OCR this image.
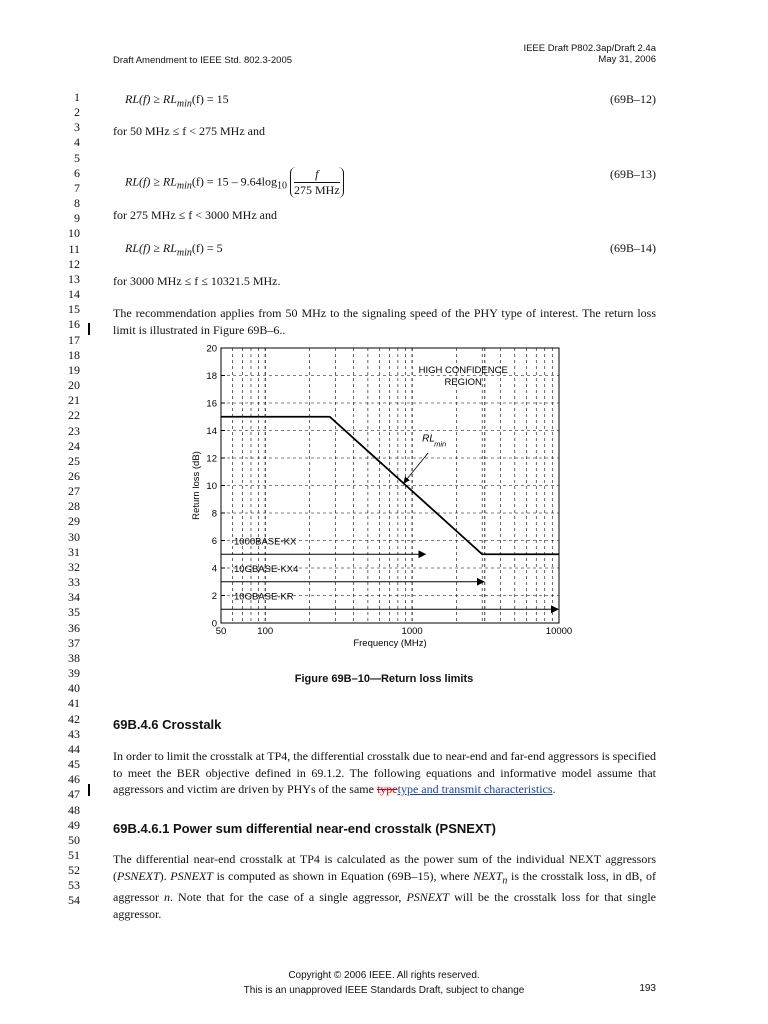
Draft Amendment to IEEE Std. 802.3-2005
IEEE Draft P802.3ap/Draft 2.4a
May 31, 2006
1
2
3
4
5
6
7
8
9
10
11
12
13
14
15
16
17
18
19
20
21
22
23
24
25
26
27
28
29
30
31
32
33
34
35
36
37
38
39
40
41
42
43
44
45
46
47
48
49
50
51
52
53
54
$RL(f) \ge RL_{min}(f) = 15$	(69B–12)
for 50 MHz ≤ f < 275 MHz and
$RL(f) \ge RL_{min}(f) = 15 - 9.64\log_{10}$
f
275 MHz
(69B–13)
for 275 MHz ≤ f < 3000 MHz and
$RL(f) \ge RL_{min}(f) = 5$	(69B–14)
for 3000 MHz ≤ f ≤ 10321.5 MHz.
The recommendation applies from 50 MHz to the signaling speed of the PHY type of interest. The return loss limit is illustrated in Figure 69B–6..
0
2
4
6
8
10
12
14
16
18
20
50	100	1000	10000
Frequency (MHz)
Return loss (dB)
HIGH CONFIDENCE
REGION
RL min
1000BASE-KX
10GBASE-KX4
10GBASE-KR
Figure 69B–10—Return loss limits
69B.4.6 Crosstalk
In order to limit the crosstalk at TP4, the differential crosstalk due to near-end and far-end aggressors is specified to meet the BER objective defined in 69.1.2. The following equations and informative model assume that aggressors and victim are driven by PHYs of the same typetype and transmit characteristics.
69B.4.6.1 Power sum differential near-end crosstalk (PSNEXT)
The differential near-end crosstalk at TP4 is calculated as the power sum of the individual NEXT aggressors (PSNEXT). PSNEXT is computed as shown in Equation (69B–15), where $NEXT_n$ is the crosstalk loss, in dB, of aggressor n. Note that for the case of a single aggressor, PSNEXT will be the crosstalk loss for that single aggressor.
Copyright © 2006 IEEE. All rights reserved.
This is an unapproved IEEE Standards Draft, subject to change	193
